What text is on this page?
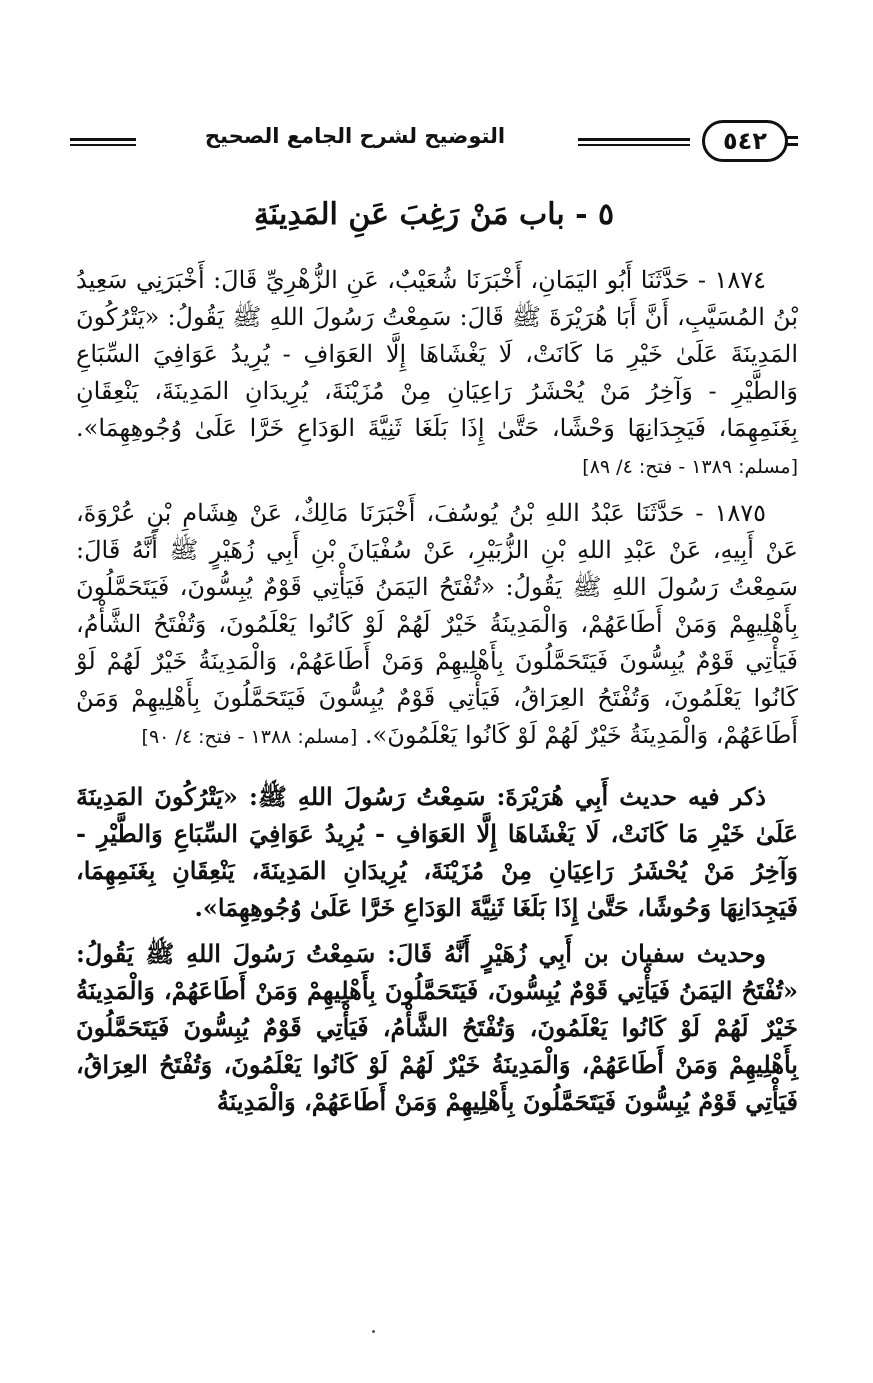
٥٤٢
التوضيح لشرح الجامع الصحيح
٥ - باب مَنْ رَغِبَ عَنِ المَدِينَةِ

١٨٧٤ - حَدَّثَنَا أَبُو اليَمَانِ، أَخْبَرَنَا شُعَيْبٌ، عَنِ الزُّهْرِيِّ قَالَ: أَخْبَرَنِي سَعِيدُ بْنُ المُسَيَّبِ، أَنَّ أَبَا هُرَيْرَةَ ﷺ قَالَ: سَمِعْتُ رَسُولَ اللهِ ﷺ يَقُولُ: «يَتْرُكُونَ المَدِينَةَ عَلَىٰ خَيْرِ مَا كَانَتْ، لَا يَغْشَاهَا إِلَّا العَوَافِ - يُرِيدُ عَوَافِيَ السِّبَاعِ وَالطَّيْرِ - وَآخِرُ مَنْ يُحْشَرُ رَاعِيَانِ مِنْ مُزَيْنَةَ، يُرِيدَانِ المَدِينَةَ، يَنْعِقَانِ بِغَنَمِهِمَا، فَيَجِدَانِهَا وَحْشًا، حَتَّىٰ إِذَا بَلَغَا ثَنِيَّةَ الوَدَاعِ خَرَّا عَلَىٰ وُجُوهِهِمَا». [مسلم: ١٣٨٩ - فتح: ٤/ ٨٩]

١٨٧٥ - حَدَّثَنَا عَبْدُ اللهِ بْنُ يُوسُفَ، أَخْبَرَنَا مَالِكٌ، عَنْ هِشَامِ بْنِ عُرْوَةَ، عَنْ أَبِيهِ، عَنْ عَبْدِ اللهِ بْنِ الزُّبَيْرِ، عَنْ سُفْيَانَ بْنِ أَبِي زُهَيْرٍ ﷺ أَنَّهُ قَالَ: سَمِعْتُ رَسُولَ اللهِ ﷺ يَقُولُ: «تُفْتَحُ اليَمَنُ فَيَأْتِي قَوْمٌ يُبِسُّونَ، فَيَتَحَمَّلُونَ بِأَهْلِيهِمْ وَمَنْ أَطَاعَهُمْ، وَالْمَدِينَةُ خَيْرٌ لَهُمْ لَوْ كَانُوا يَعْلَمُونَ، وَتُفْتَحُ الشَّأْمُ، فَيَأْتِي قَوْمٌ يُبِسُّونَ فَيَتَحَمَّلُونَ بِأَهْلِيهِمْ وَمَنْ أَطَاعَهُمْ، وَالْمَدِينَةُ خَيْرٌ لَهُمْ لَوْ كَانُوا يَعْلَمُونَ، وَتُفْتَحُ العِرَاقُ، فَيَأْتِي قَوْمٌ يُبِسُّونَ فَيَتَحَمَّلُونَ بِأَهْلِيهِمْ وَمَنْ أَطَاعَهُمْ، وَالْمَدِينَةُ خَيْرٌ لَهُمْ لَوْ كَانُوا يَعْلَمُونَ». [مسلم: ١٣٨٨ - فتح: ٤/ ٩٠]

ذكر فيه حديث أَبِي هُرَيْرَةَ: سَمِعْتُ رَسُولَ اللهِ ﷺ: «يَتْرُكُونَ المَدِينَةَ عَلَىٰ خَيْرِ مَا كَانَتْ، لَا يَغْشَاهَا إِلَّا العَوَافِ - يُرِيدُ عَوَافِيَ السِّبَاعِ وَالطَّيْرِ - وَآخِرُ مَنْ يُحْشَرُ رَاعِيَانِ مِنْ مُزَيْنَةَ، يُرِيدَانِ المَدِينَةَ، يَنْعِقَانِ بِغَنَمِهِمَا، فَيَجِدَانِهَا وَحُوشًا، حَتَّىٰ إِذَا بَلَغَا ثَنِيَّةَ الوَدَاعِ خَرَّا عَلَىٰ وُجُوهِهِمَا».

وحديث سفيان بن أَبِي زُهَيْرٍ أَنَّهُ قَالَ: سَمِعْتُ رَسُولَ اللهِ ﷺ يَقُولُ: «تُفْتَحُ اليَمَنُ فَيَأْتِي قَوْمٌ يُبِسُّونَ، فَيَتَحَمَّلُونَ بِأَهْلِيهِمْ وَمَنْ أَطَاعَهُمْ، وَالْمَدِينَةُ خَيْرٌ لَهُمْ لَوْ كَانُوا يَعْلَمُونَ، وَتُفْتَحُ الشَّأْمُ، فَيَأْتِي قَوْمٌ يُبِسُّونَ فَيَتَحَمَّلُونَ بِأَهْلِيهِمْ وَمَنْ أَطَاعَهُمْ، وَالْمَدِينَةُ خَيْرٌ لَهُمْ لَوْ كَانُوا يَعْلَمُونَ، وَتُفْتَحُ العِرَاقُ، فَيَأْتِي قَوْمٌ يُبِسُّونَ فَيَتَحَمَّلُونَ بِأَهْلِيهِمْ وَمَنْ أَطَاعَهُمْ، وَالْمَدِينَةُ
